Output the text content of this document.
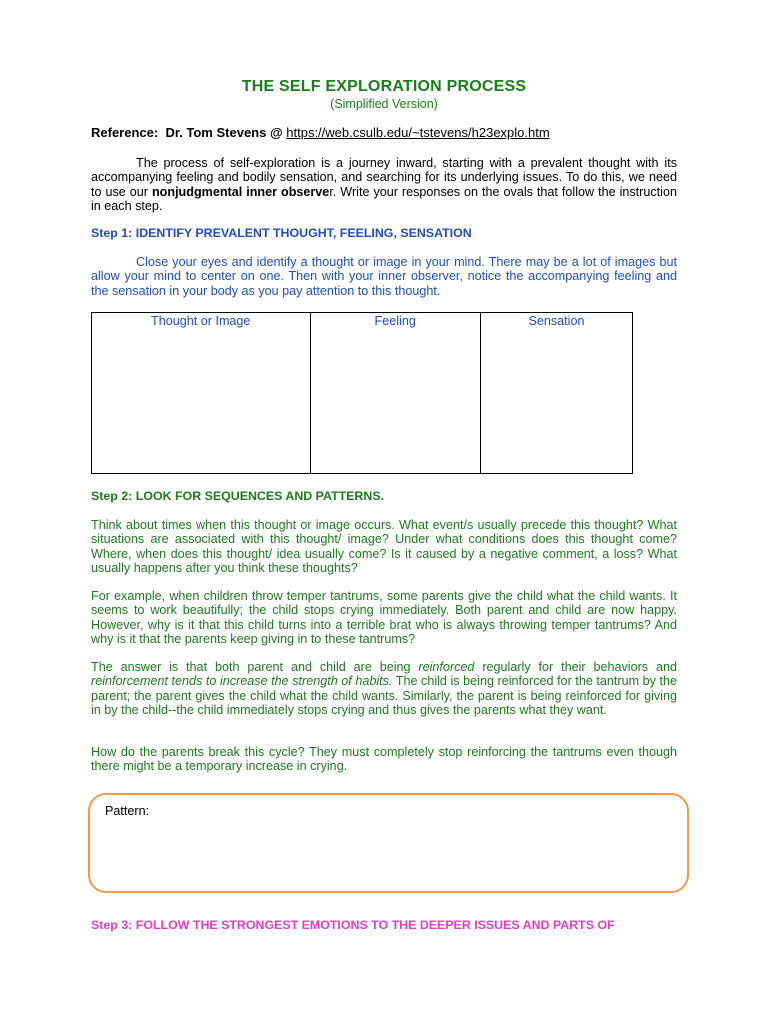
THE SELF EXPLORATION PROCESS
(Simplified Version)
Reference: Dr. Tom Stevens @ https://web.csulb.edu/~tstevens/h23explo.htm
The process of self-exploration is a journey inward, starting with a prevalent thought with its accompanying feeling and bodily sensation, and searching for its underlying issues. To do this, we need to use our nonjudgmental inner observer. Write your responses on the ovals that follow the instruction in each step.
Step 1: IDENTIFY PREVALENT THOUGHT, FEELING, SENSATION
Close your eyes and identify a thought or image in your mind. There may be a lot of images but allow your mind to center on one. Then with your inner observer, notice the accompanying feeling and the sensation in your body as you pay attention to this thought.
Thought or Image	Feeling	Sensation
Step 2: LOOK FOR SEQUENCES AND PATTERNS.
Think about times when this thought or image occurs. What event/s usually precede this thought? What situations are associated with this thought/ image? Under what conditions does this thought come? Where, when does this thought/ idea usually come? Is it caused by a negative comment, a loss? What usually happens after you think these thoughts?
For example, when children throw temper tantrums, some parents give the child what the child wants. It seems to work beautifully; the child stops crying immediately. Both parent and child are now happy. However, why is it that this child turns into a terrible brat who is always throwing temper tantrums? And why is it that the parents keep giving in to these tantrums?
The answer is that both parent and child are being reinforced regularly for their behaviors and reinforcement tends to increase the strength of habits. The child is being reinforced for the tantrum by the parent; the parent gives the child what the child wants. Similarly, the parent is being reinforced for giving in by the child--the child immediately stops crying and thus gives the parents what they want.
How do the parents break this cycle? They must completely stop reinforcing the tantrums even though there might be a temporary increase in crying.
Pattern:
Step 3: FOLLOW THE STRONGEST EMOTIONS TO THE DEEPER ISSUES AND PARTS OF
